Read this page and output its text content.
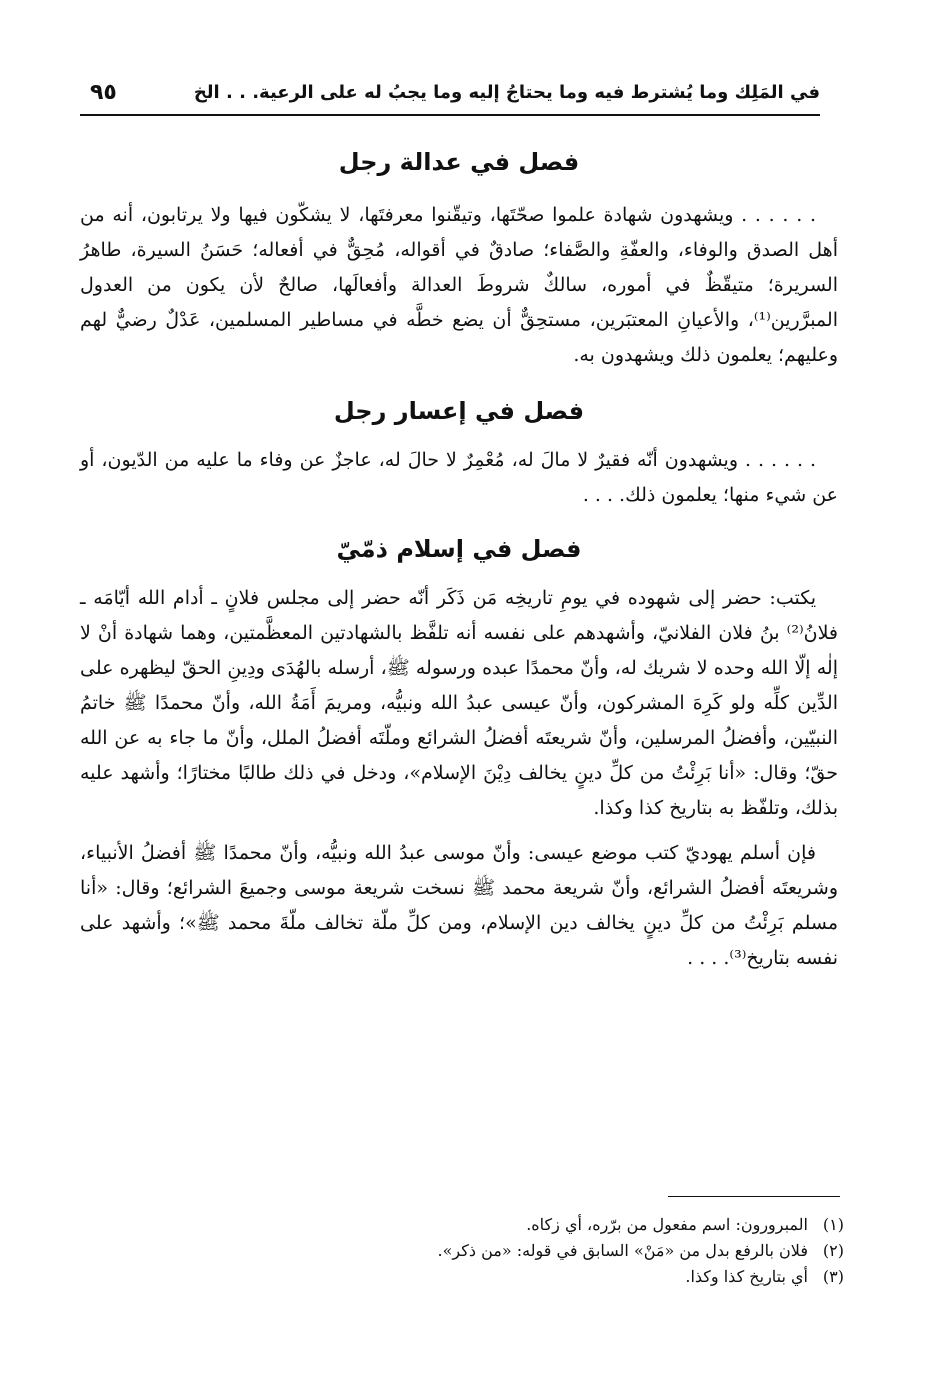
٩٥	في المَلِك وما يُشترط فيه وما يحتاجُ إليه وما يجبُ له على الرعية. . . الخ
فصل في عدالة رجل

. . . . . . ويشهدون شهادة علموا صحّتَها، وتيقّنوا معرفتَها، لا يشكّون فيها ولا يرتابون، أنه من أهل الصدق والوفاء، والعفّةِ والصَّفاء؛ صادقٌ في أقواله، مُحِقٌّ في أفعاله؛ حَسَنُ السيرة، طاهرُ السريرة؛ متيقّظٌ في أموره، سالكٌ شروطَ العدالة وأفعالَها، صالحٌ لأن يكون من العدول المبرَّرين⁽¹⁾، والأعيانِ المعتبَرين، مستحِقٌّ أن يضع خطَّه في مساطير المسلمين، عَدْلٌ رضيٌّ لهم وعليهم؛ يعلمون ذلك ويشهدون به.

فصل في إعسار رجل

. . . . . . ويشهدون أنّه فقيرٌ لا مالَ له، مُعْمِرٌ لا حالَ له، عاجزٌ عن وفاء ما عليه من الدّيون، أو عن شيء منها؛ يعلمون ذلك. . . .

فصل في إسلام ذمّيّ

يكتب: حضر إلى شهوده في يومِ تاريخِه مَن ذَكَر أنّه حضر إلى مجلس فلانٍ ـ أدام الله أيّامَه ـ فلانُ⁽²⁾ بنُ فلان الفلانيّ، وأشهدهم على نفسه أنه تلفَّظ بالشهادتين المعظَّمتين، وهما شهادة أنْ لا إلٰه إلّا الله وحده لا شريك له، وأنّ محمدًا عبده ورسوله ﷺ، أرسله بالهُدَى ودِينِ الحقّ ليظهره على الدِّين كلِّه ولو كَرِهَ المشركون، وأنّ عيسى عبدُ الله ونبيُّه، ومريمَ أَمَةُ الله، وأنّ محمدًا ﷺ خاتمُ النبيّين، وأفضلُ المرسلين، وأنّ شريعتَه أفضلُ الشرائع وملّتَه أفضلُ الملل، وأنّ ما جاء به عن الله حقّ؛ وقال: «أنا بَرِئْتُ من كلِّ دينٍ يخالف دِيْنَ الإسلام»، ودخل في ذلك طالبًا مختارًا؛ وأشهد عليه بذلك، وتلفّظ به بتاريخ كذا وكذا.

فإن أسلم يهوديّ كتب موضع عيسى: وأنّ موسى عبدُ الله ونبيُّه، وأنّ محمدًا ﷺ أفضلُ الأنبياء، وشريعتَه أفضلُ الشرائع، وأنّ شريعة محمد ﷺ نسخت شريعة موسى وجميعَ الشرائع؛ وقال: «أنا مسلم بَرِئْتُ من كلِّ دينٍ يخالف دين الإسلام، ومن كلِّ ملّة تخالف ملّةَ محمد ﷺ»؛ وأشهد على نفسه بتاريخ⁽³⁾. . . .

(١)المبرورون: اسم مفعول من برّره، أي زكاه.
(٢)فلان بالرفع بدل من «مَنْ» السابق في قوله: «من ذكر».
(٣)أي بتاريخ كذا وكذا.
